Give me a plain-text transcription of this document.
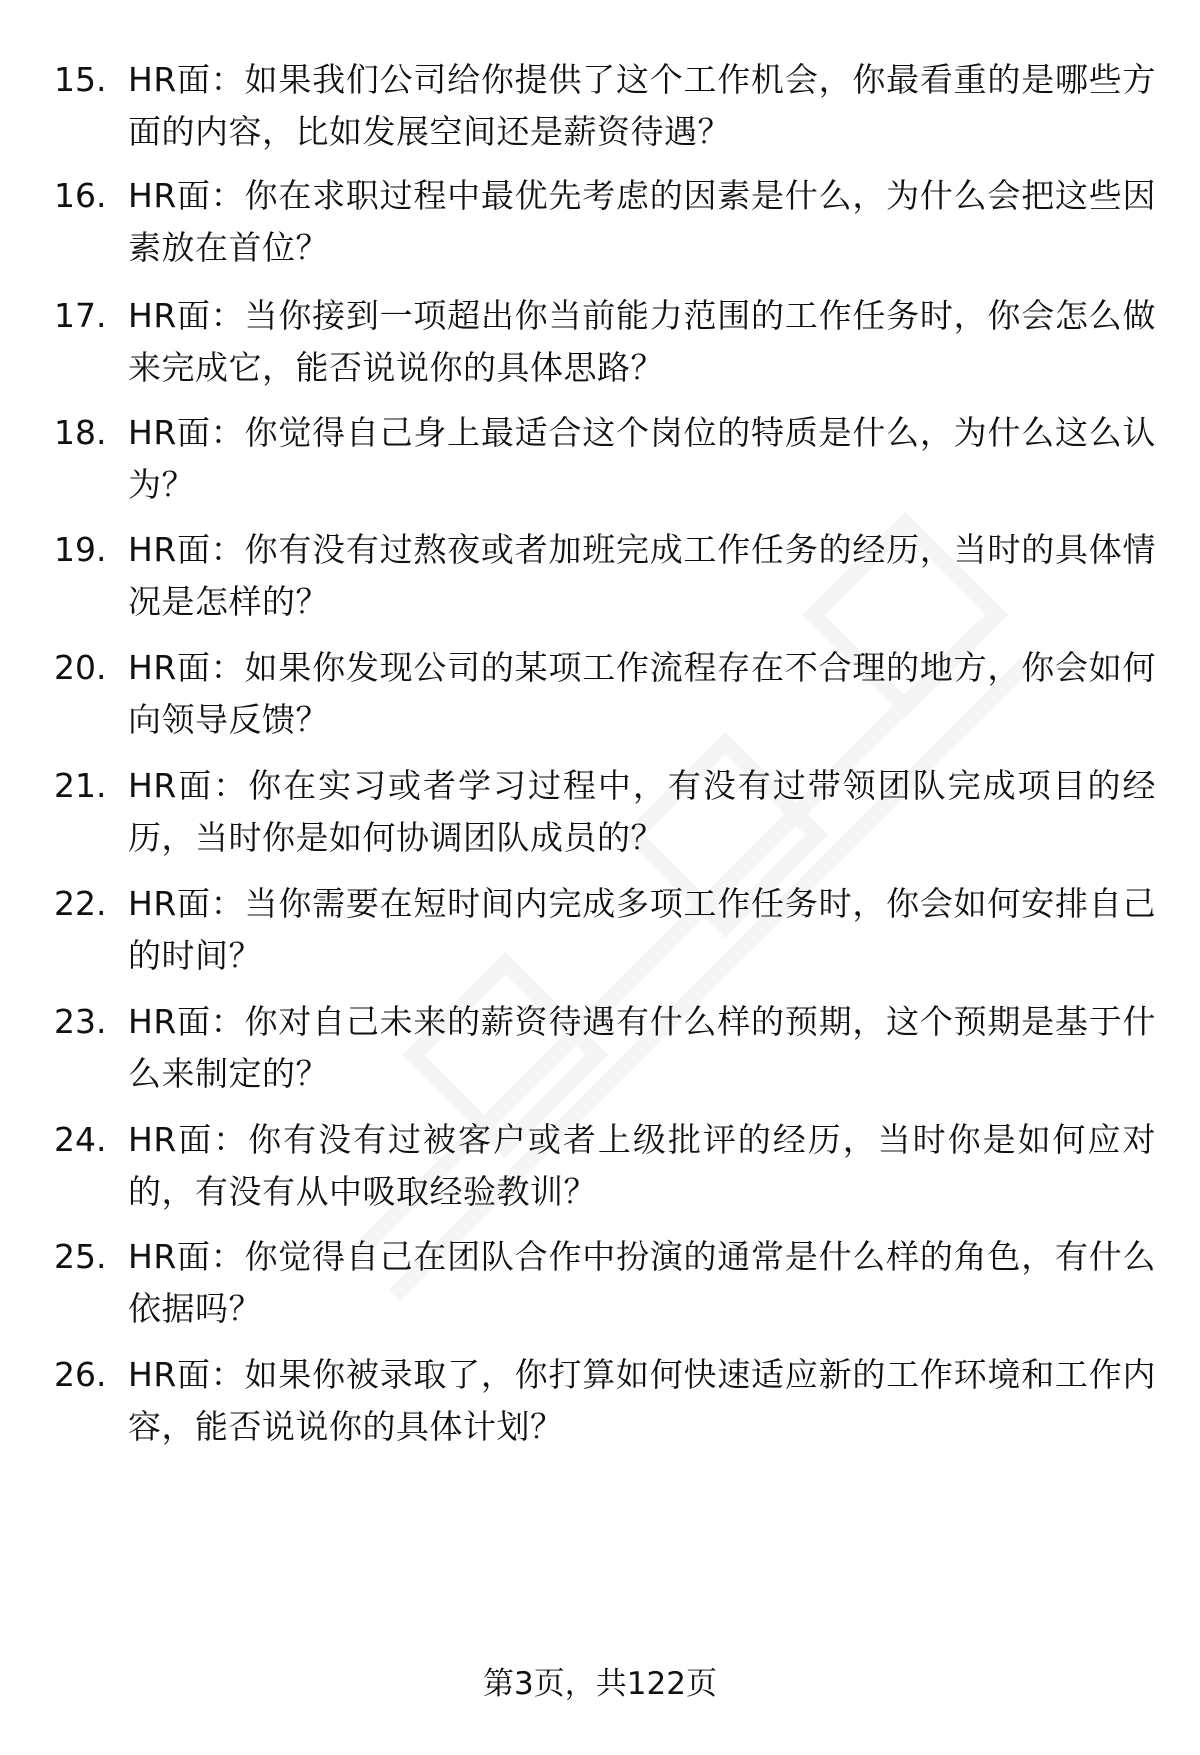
15. HR面：如果我们公司给你提供了这个工作机会，你最看重的是哪些方面的内容，比如发展空间还是薪资待遇？
16. HR面：你在求职过程中最优先考虑的因素是什么，为什么会把这些因素放在首位？
17. HR面：当你接到一项超出你当前能力范围的工作任务时，你会怎么做来完成它，能否说说你的具体思路？
18. HR面：你觉得自己身上最适合这个岗位的特质是什么，为什么这么认为？
19. HR面：你有没有过熬夜或者加班完成工作任务的经历，当时的具体情况是怎样的？
20. HR面：如果你发现公司的某项工作流程存在不合理的地方，你会如何向领导反馈？
21. HR面：你在实习或者学习过程中，有没有过带领团队完成项目的经历，当时你是如何协调团队成员的？
22. HR面：当你需要在短时间内完成多项工作任务时，你会如何安排自己的时间？
23. HR面：你对自己未来的薪资待遇有什么样的预期，这个预期是基于什么来制定的？
24. HR面：你有没有过被客户或者上级批评的经历，当时你是如何应对的，有没有从中吸取经验教训？
25. HR面：你觉得自己在团队合作中扮演的通常是什么样的角色，有什么依据吗？
26. HR面：如果你被录取了，你打算如何快速适应新的工作环境和工作内容，能否说说你的具体计划？
第3页，共122页
